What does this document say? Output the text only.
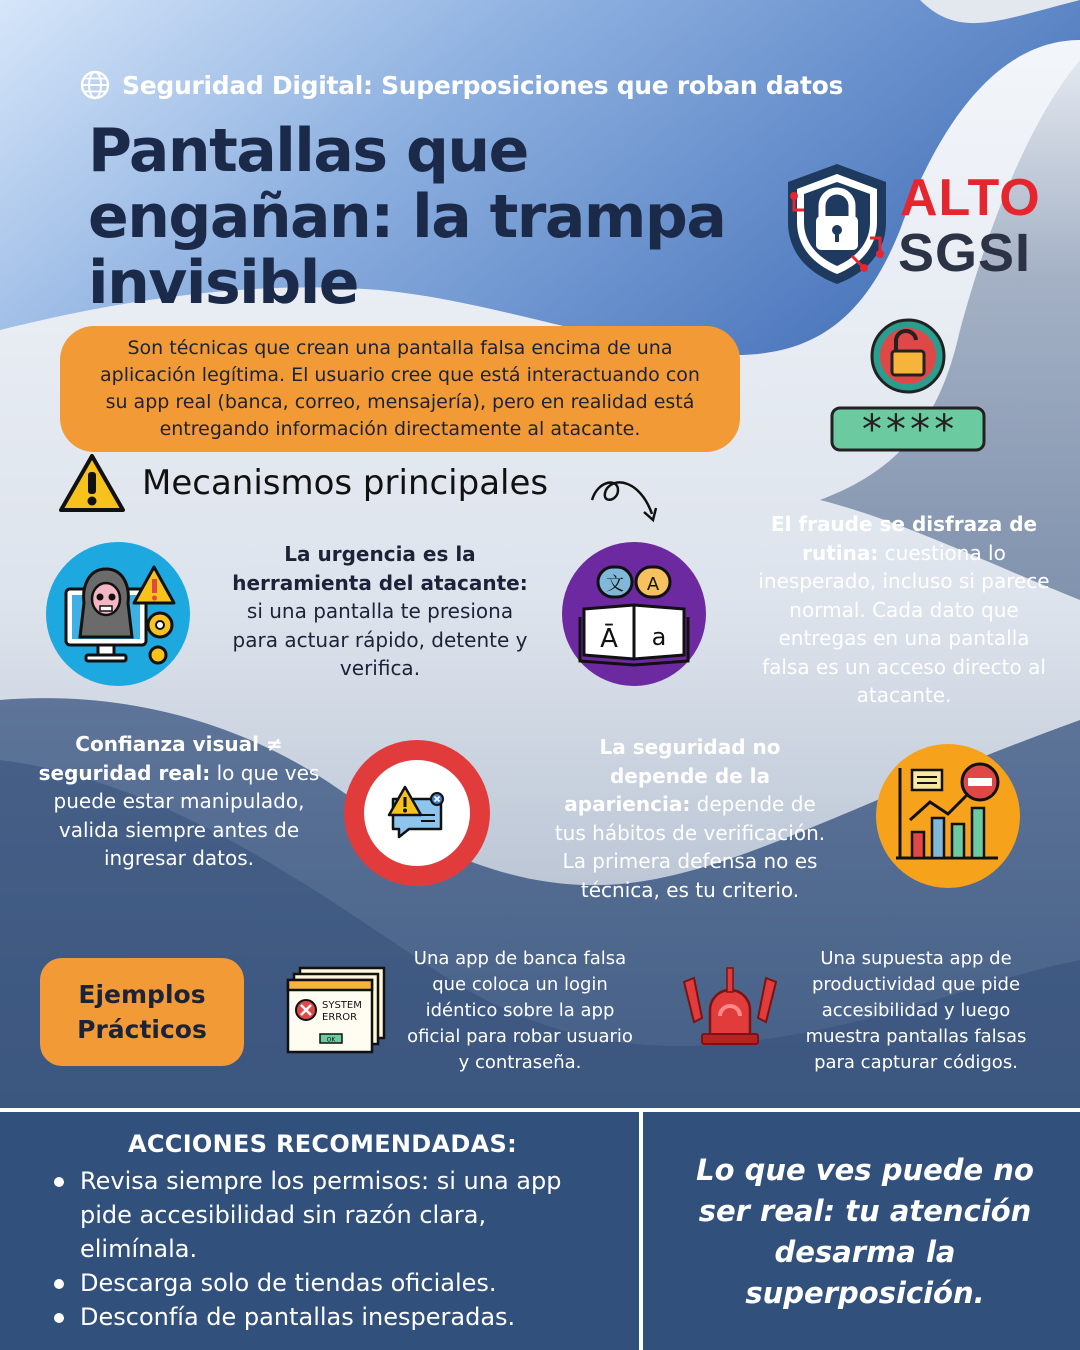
Seguridad Digital: Superposiciones que roban datos
Pantallas que engañan: la trampa invisible
ALTO
SGSI
****

Son técnicas que crean una pantalla falsa encima de una aplicación legítima. El usuario cree que está interactuando con su app real (banca, correo, mensajería), pero en realidad está entregando información directamente al atacante.

Mecanismos principales
La urgencia es la herramienta del atacante: si una pantalla te presiona para actuar rápido, detente y verifica.
文 A
Ā a
El fraude se disfraza de rutina: cuestiona lo inesperado, incluso si parece normal. Cada dato que entregas en una pantalla falsa es un acceso directo al atacante.
Confianza visual ≠ seguridad real: lo que ves puede estar manipulado, valida siempre antes de ingresar datos.
La seguridad no depende de la apariencia: depende de tus hábitos de verificación. La primera defensa no es técnica, es tu criterio.
Ejemplos Prácticos
SYSTEM
ERROR
OK

Una app de banca falsa que coloca un login idéntico sobre la app oficial para robar usuario y contraseña.

Una supuesta app de productividad que pide accesibilidad y luego muestra pantallas falsas para capturar códigos.

ACCIONES RECOMENDADAS:
Revisa siempre los permisos: si una app pide accesibilidad sin razón clara, elimínala.
Descarga solo de tiendas oficiales.
Desconfía de pantallas inesperadas.

Lo que ves puede no ser real: tu atención desarma la superposición.
